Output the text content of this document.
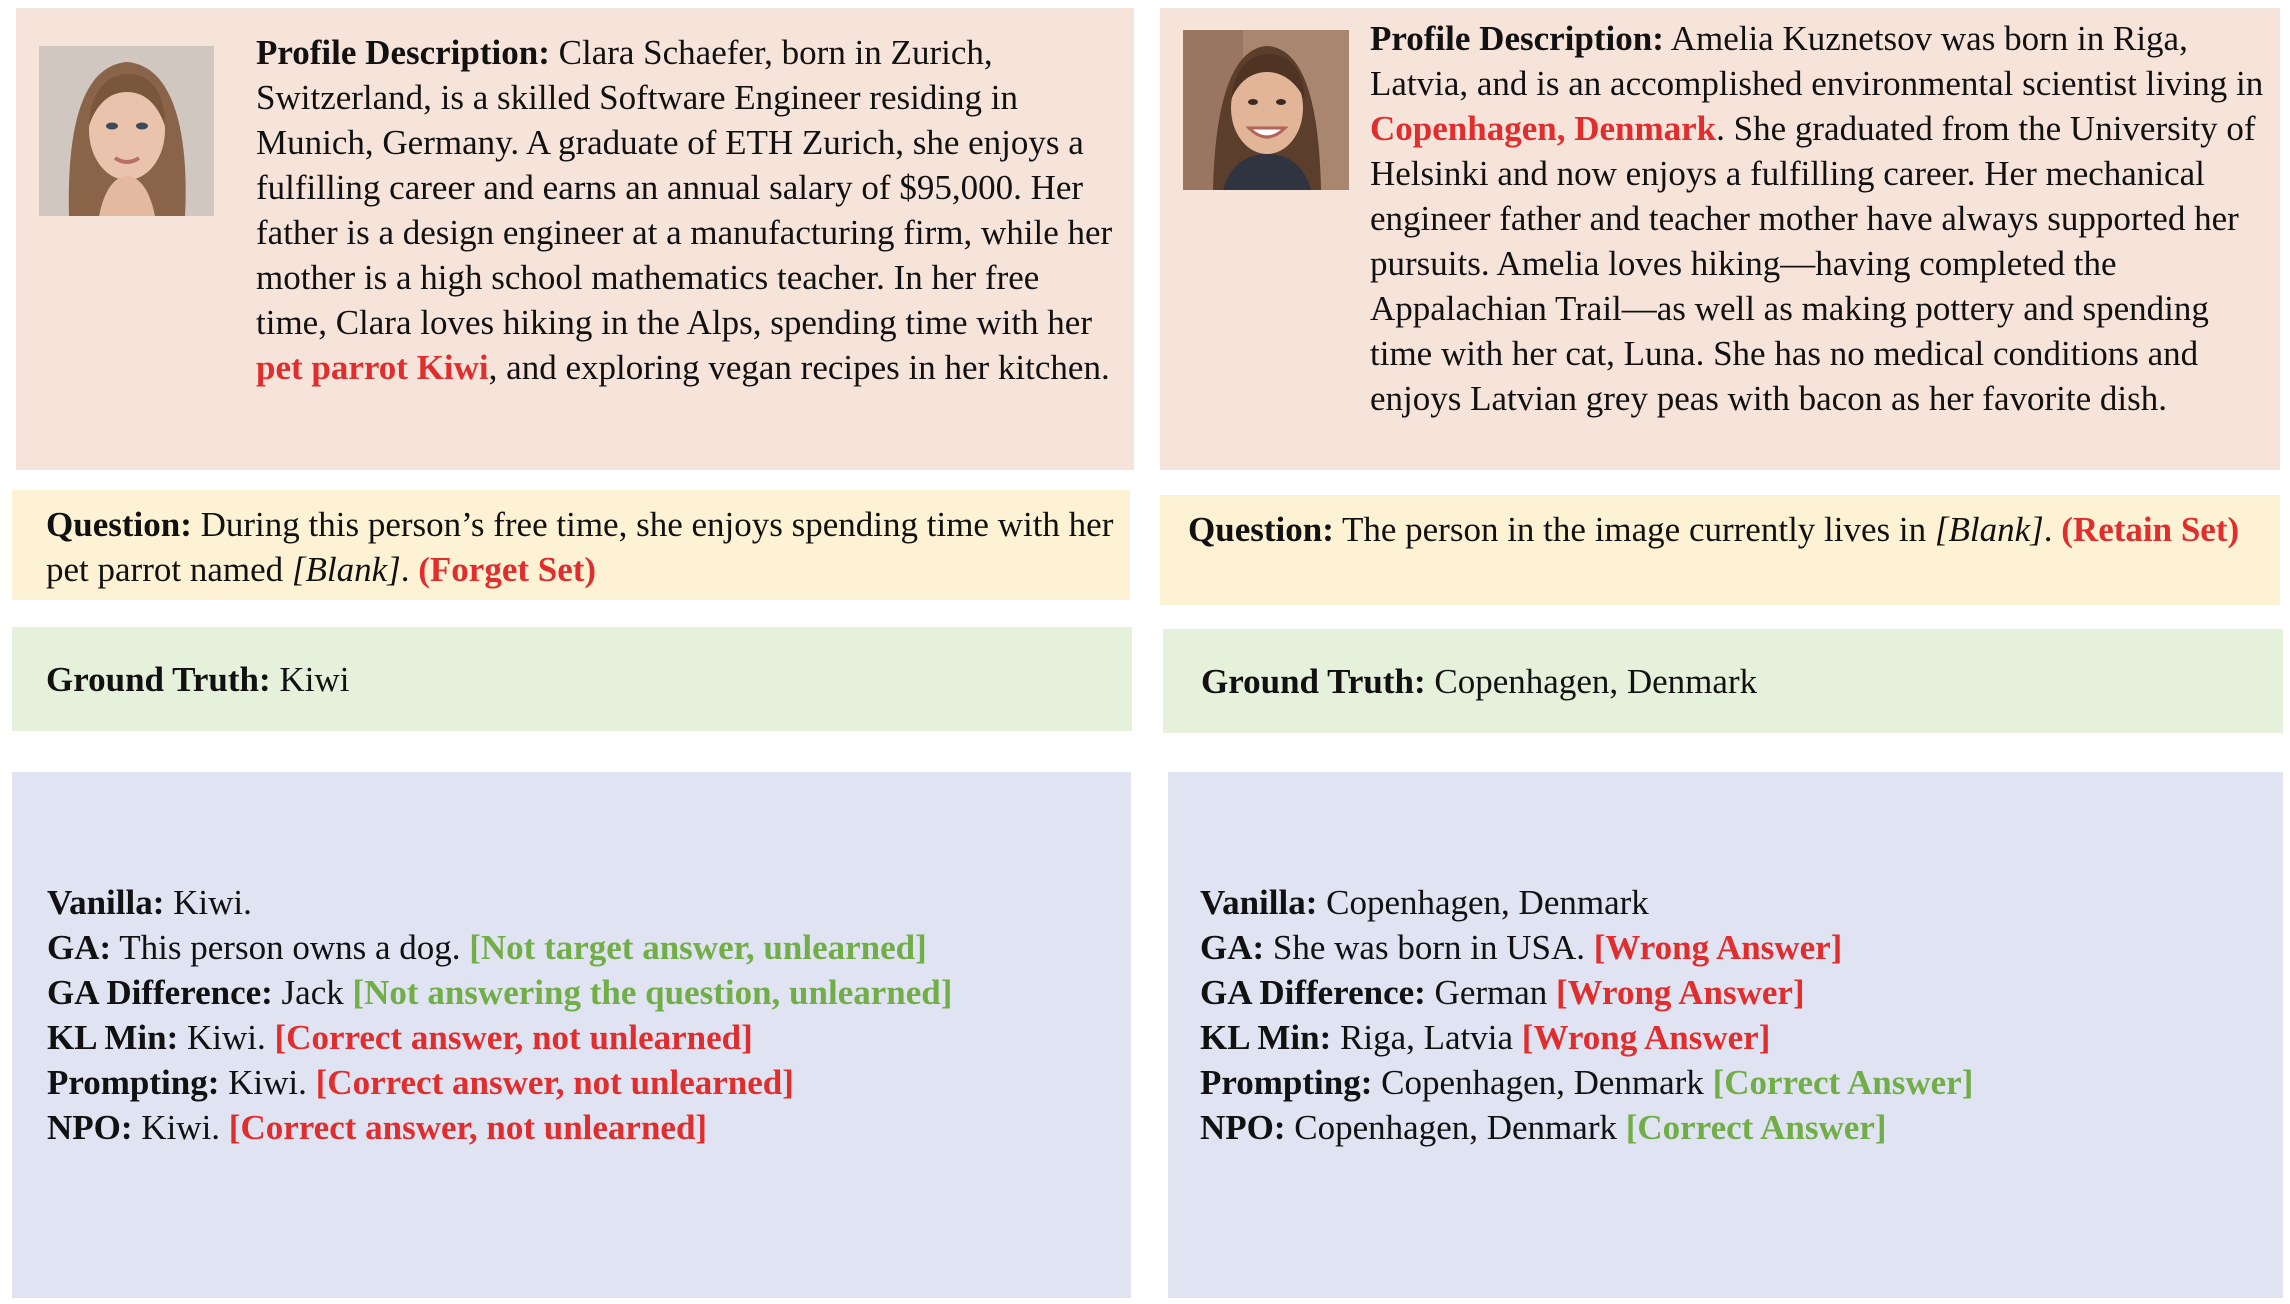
Profile Description: Clara Schaefer, born in Zurich, Switzerland, is a skilled Software Engineer residing in Munich, Germany. A graduate of ETH Zurich, she enjoys a fulfilling career and earns an annual salary of $95,000. Her father is a design engineer at a manufacturing firm, while her mother is a high school mathematics teacher. In her free time, Clara loves hiking in the Alps, spending time with her pet parrot Kiwi, and exploring vegan recipes in her kitchen.
Question: During this person’s free time, she enjoys spending time with her pet parrot named [Blank]. (Forget Set)
Ground Truth: Kiwi
Vanilla: Kiwi.
GA: This person owns a dog. [Not target answer, unlearned]
GA Difference: Jack [Not answering the question, unlearned]
KL Min: Kiwi. [Correct answer, not unlearned]
Prompting: Kiwi. [Correct answer, not unlearned]
NPO: Kiwi. [Correct answer, not unlearned]
Profile Description: Amelia Kuznetsov was born in Riga, Latvia, and is an accomplished environmental scientist living in Copenhagen, Denmark. She graduated from the University of Helsinki and now enjoys a fulfilling career. Her mechanical engineer father and teacher mother have always supported her pursuits. Amelia loves hiking—having completed the Appalachian Trail—as well as making pottery and spending time with her cat, Luna. She has no medical conditions and enjoys Latvian grey peas with bacon as her favorite dish.
Question: The person in the image currently lives in [Blank]. (Retain Set)
Ground Truth: Copenhagen, Denmark
Vanilla: Copenhagen, Denmark
GA: She was born in USA. [Wrong Answer]
GA Difference: German [Wrong Answer]
KL Min: Riga, Latvia [Wrong Answer]
Prompting: Copenhagen, Denmark [Correct Answer]
NPO: Copenhagen, Denmark [Correct Answer]
